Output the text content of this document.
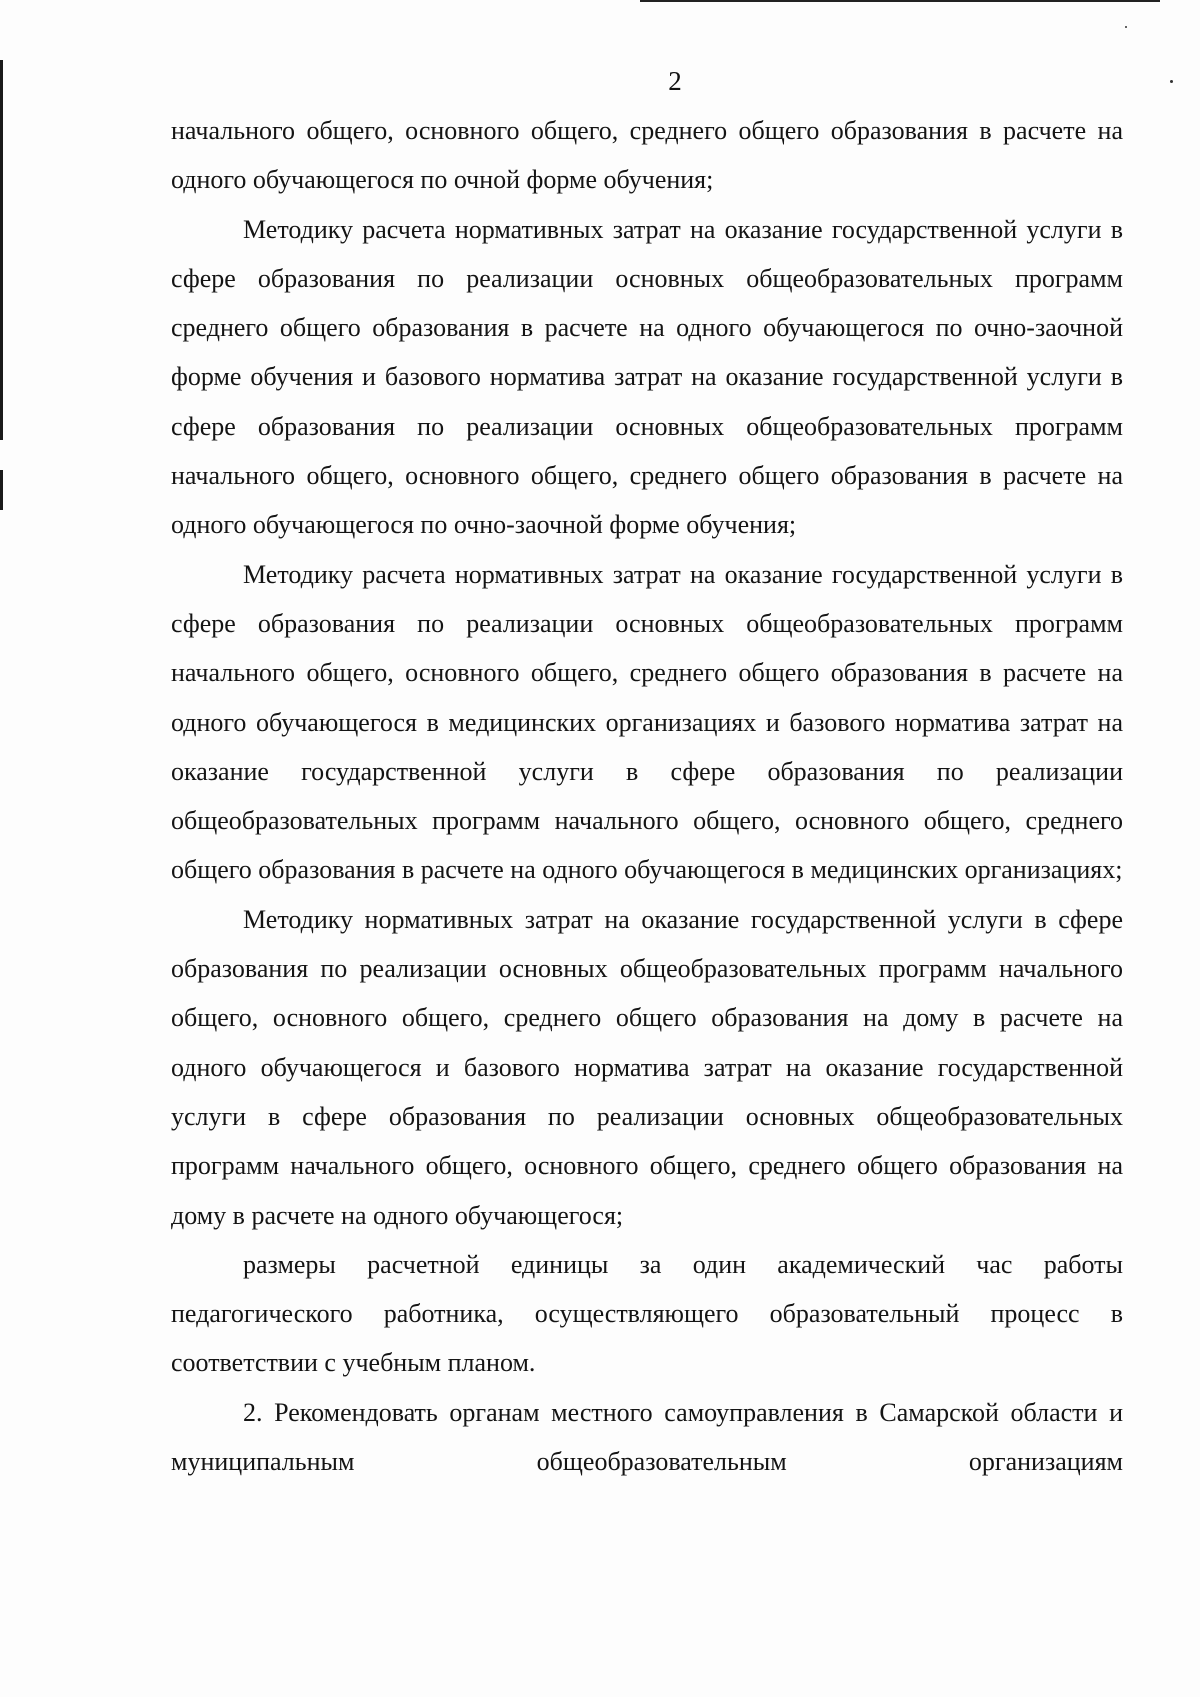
2

начального общего, основного общего, среднего общего образования в расчете на одного обучающегося по очной форме обучения;

Методику расчета нормативных затрат на оказание государственной услуги в сфере образования по реализации основных общеобразовательных программ среднего общего образования в расчете на одного обучающегося по очно-заочной форме обучения и базового норматива затрат на оказание государственной услуги в сфере образования по реализации основных общеобразовательных программ начального общего, основного общего, среднего общего образования в расчете на одного обучающегося по очно-заочной форме обучения;

Методику расчета нормативных затрат на оказание государственной услуги в сфере образования по реализации основных общеобразовательных программ начального общего, основного общего, среднего общего образования в расчете на одного обучающегося в медицинских организациях и базового норматива затрат на оказание государственной услуги в сфере образования по реализации общеобразовательных программ начального общего, основного общего, среднего общего образования в расчете на одного обучающегося в медицинских организациях;

Методику нормативных затрат на оказание государственной услуги в сфере образования по реализации основных общеобразовательных программ начального общего, основного общего, среднего общего образования на дому в расчете на одного обучающегося и базового норматива затрат на оказание государственной услуги в сфере образования по реализации основных общеобразовательных программ начального общего, основного общего, среднего общего образования на дому в расчете на одного обучающегося;

размеры расчетной единицы за один академический час работы педагогического работника, осуществляющего образовательный процесс в соответствии с учебным планом.

2. Рекомендовать органам местного самоуправления в Самарской области и муниципальным общеобразовательным организациям
